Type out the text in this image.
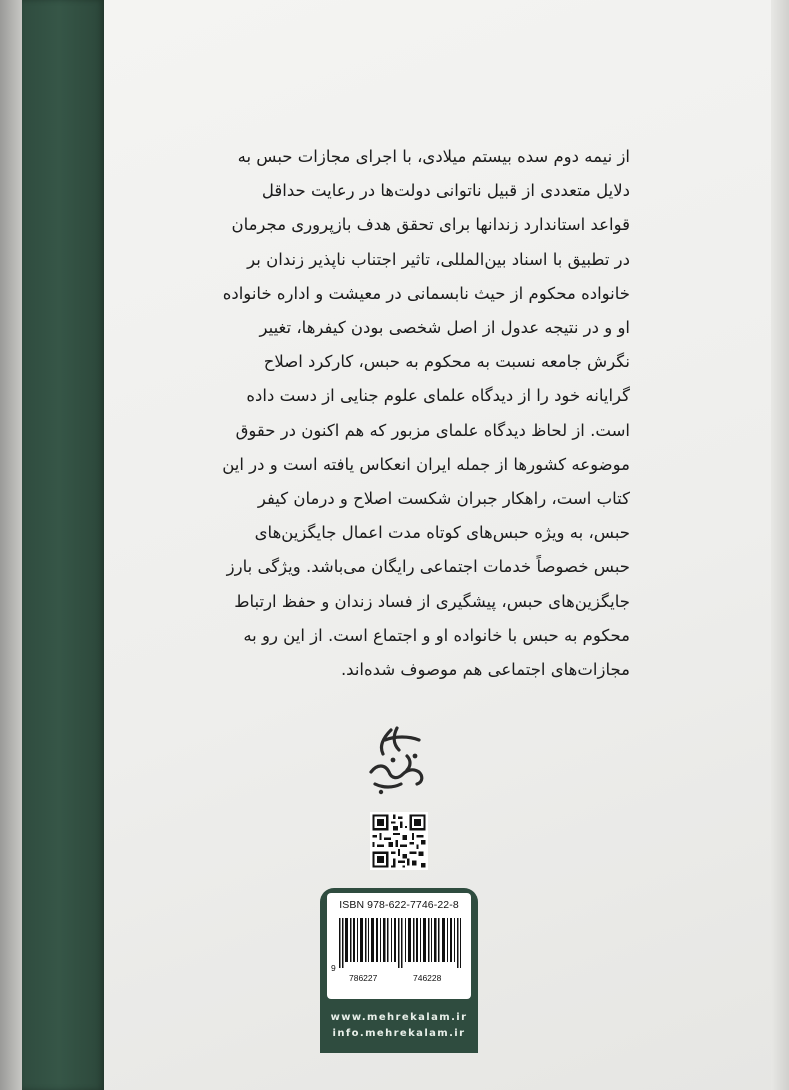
از نیمه دوم سده بیستم میلادی، با اجرای مجازات حبس به
دلایل متعددی از قبیل ناتوانی دولت‌ها در رعایت حداقل
قواعد استاندارد زندانها برای تحقق هدف بازپروری مجرمان
در تطبیق با اسناد بین‌المللی، تاثیر اجتناب ناپذیر زندان بر
خانواده محکوم از حیث نابسمانی در معیشت و اداره خانواده
او و در نتیجه عدول از اصل شخصی بودن کیفرها، تغییر
نگرش جامعه نسبت به محکوم به حبس، کارکرد اصلاح
گرایانه خود را از دیدگاه علمای علوم جنایی از دست داده
است. از لحاظ دیدگاه علمای مزبور که هم اکنون در حقوق
موضوعه کشورها از جمله ایران انعکاس یافته است و در این
کتاب است، راهکار جبران شکست اصلاح و درمان کیفر
حبس، به ویژه حبس‌های کوتاه مدت اعمال جایگزین‌های
حبس خصوصاً خدمات اجتماعی رایگان می‌باشد. ویژگی بارز
جایگزین‌های حبس، پیشگیری از فساد زندان و حفظ ارتباط
محکوم به حبس با خانواده او و اجتماع است. از این رو به
مجازات‌های اجتماعی هم موصوف شده‌اند.
ISBN 978-622-7746-22-8
9
786227	746228
www.mehrekalam.ir
info.mehrekalam.ir
